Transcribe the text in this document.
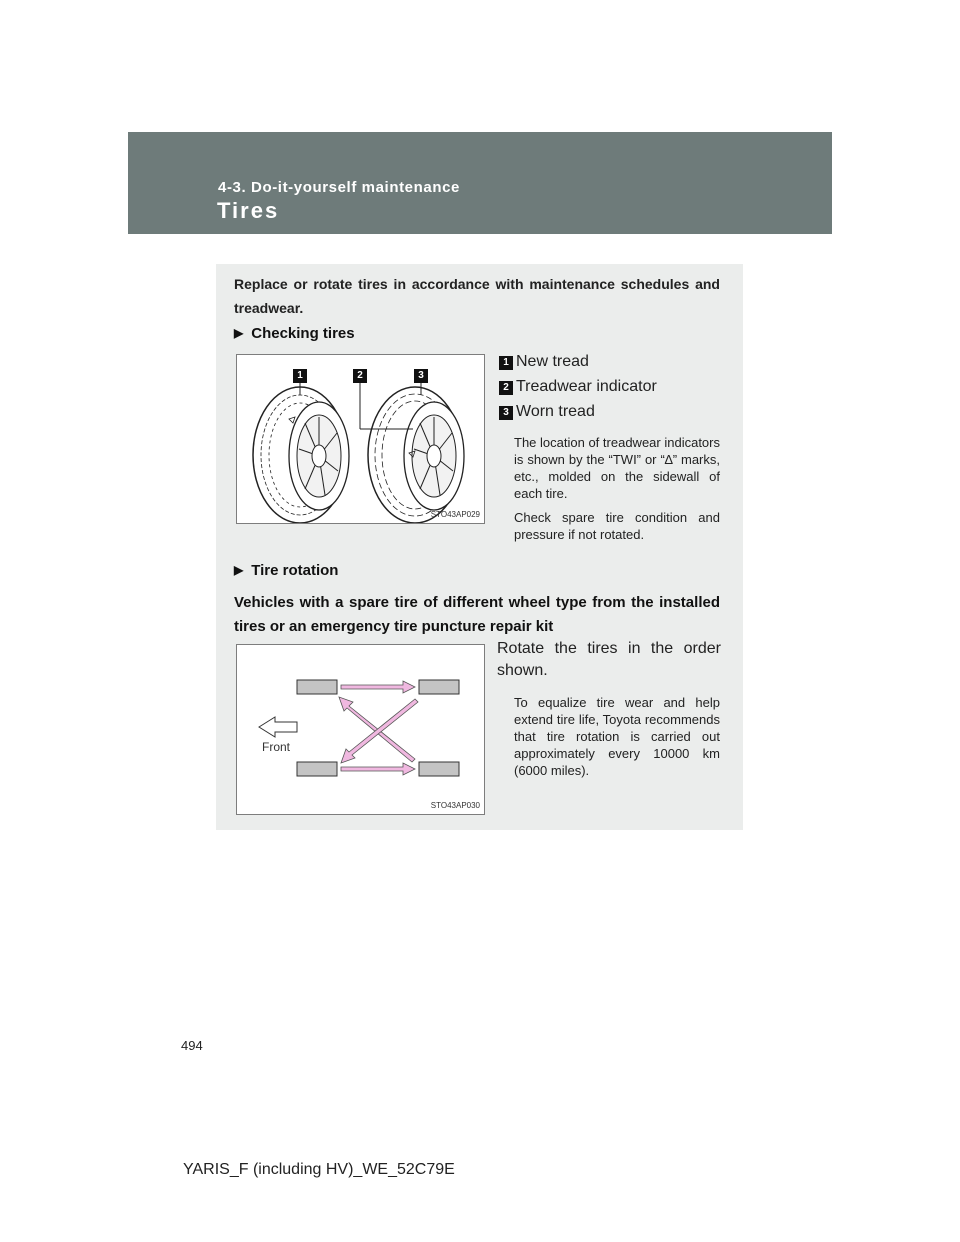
4-3. Do-it-yourself maintenance
Tires
Replace or rotate tires in accordance with maintenance schedules and treadwear.
▶ Checking tires
1	2	3
STO43AP029
1 New tread
2 Treadwear indicator
3 Worn tread
The location of treadwear indicators is shown by the “TWI” or “∆” marks, etc., molded on the sidewall of each tire.
Check spare tire condition and pressure if not rotated.
▶ Tire rotation
Vehicles with a spare tire of different wheel type from the installed tires or an emergency tire puncture repair kit
Front
STO43AP030
Rotate the tires in the order shown.
To equalize tire wear and help extend tire life, Toyota recommends that tire rotation is carried out approximately every 10000 km (6000 miles).
494
YARIS_F (including HV)_WE_52C79E
